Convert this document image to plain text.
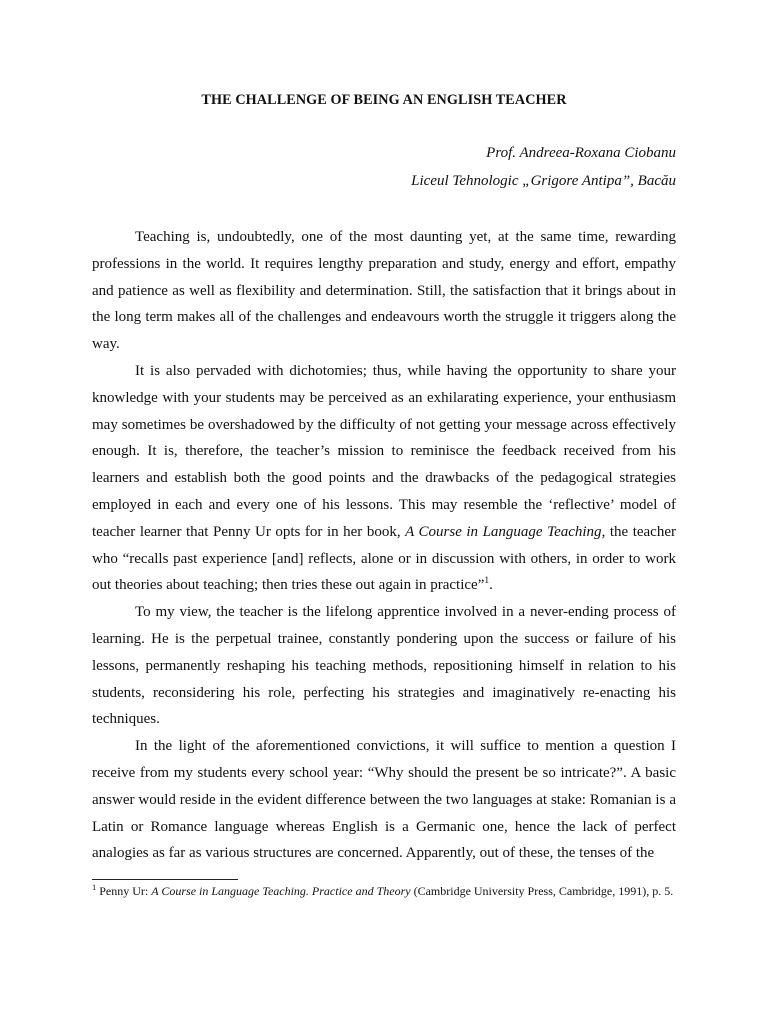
THE CHALLENGE OF BEING AN ENGLISH TEACHER
Prof. Andreea-Roxana Ciobanu
Liceul Tehnologic „Grigore Antipa”, Bacău

Teaching is, undoubtedly, one of the most daunting yet, at the same time, rewarding professions in the world. It requires lengthy preparation and study, energy and effort, empathy and patience as well as flexibility and determination. Still, the satisfaction that it brings about in the long term makes all of the challenges and endeavours worth the struggle it triggers along the way.

It is also pervaded with dichotomies; thus, while having the opportunity to share your knowledge with your students may be perceived as an exhilarating experience, your enthusiasm may sometimes be overshadowed by the difficulty of not getting your message across effectively enough. It is, therefore, the teacher’s mission to reminisce the feedback received from his learners and establish both the good points and the drawbacks of the pedagogical strategies employed in each and every one of his lessons. This may resemble the ‘reflective’ model of teacher learner that Penny Ur opts for in her book, A Course in Language Teaching, the teacher who “recalls past experience [and] reflects, alone or in discussion with others, in order to work out theories about teaching; then tries these out again in practice”$^1$.

To my view, the teacher is the lifelong apprentice involved in a never-ending process of learning. He is the perpetual trainee, constantly pondering upon the success or failure of his lessons, permanently reshaping his teaching methods, repositioning himself in relation to his students, reconsidering his role, perfecting his strategies and imaginatively re-enacting his techniques.

In the light of the aforementioned convictions, it will suffice to mention a question I receive from my students every school year: “Why should the present be so intricate?”. A basic answer would reside in the evident difference between the two languages at stake: Romanian is a Latin or Romance language whereas English is a Germanic one, hence the lack of perfect analogies as far as various structures are concerned. Apparently, out of these, the tenses of the

$^1$ Penny Ur: A Course in Language Teaching. Practice and Theory (Cambridge University Press, Cambridge, 1991), p. 5.
